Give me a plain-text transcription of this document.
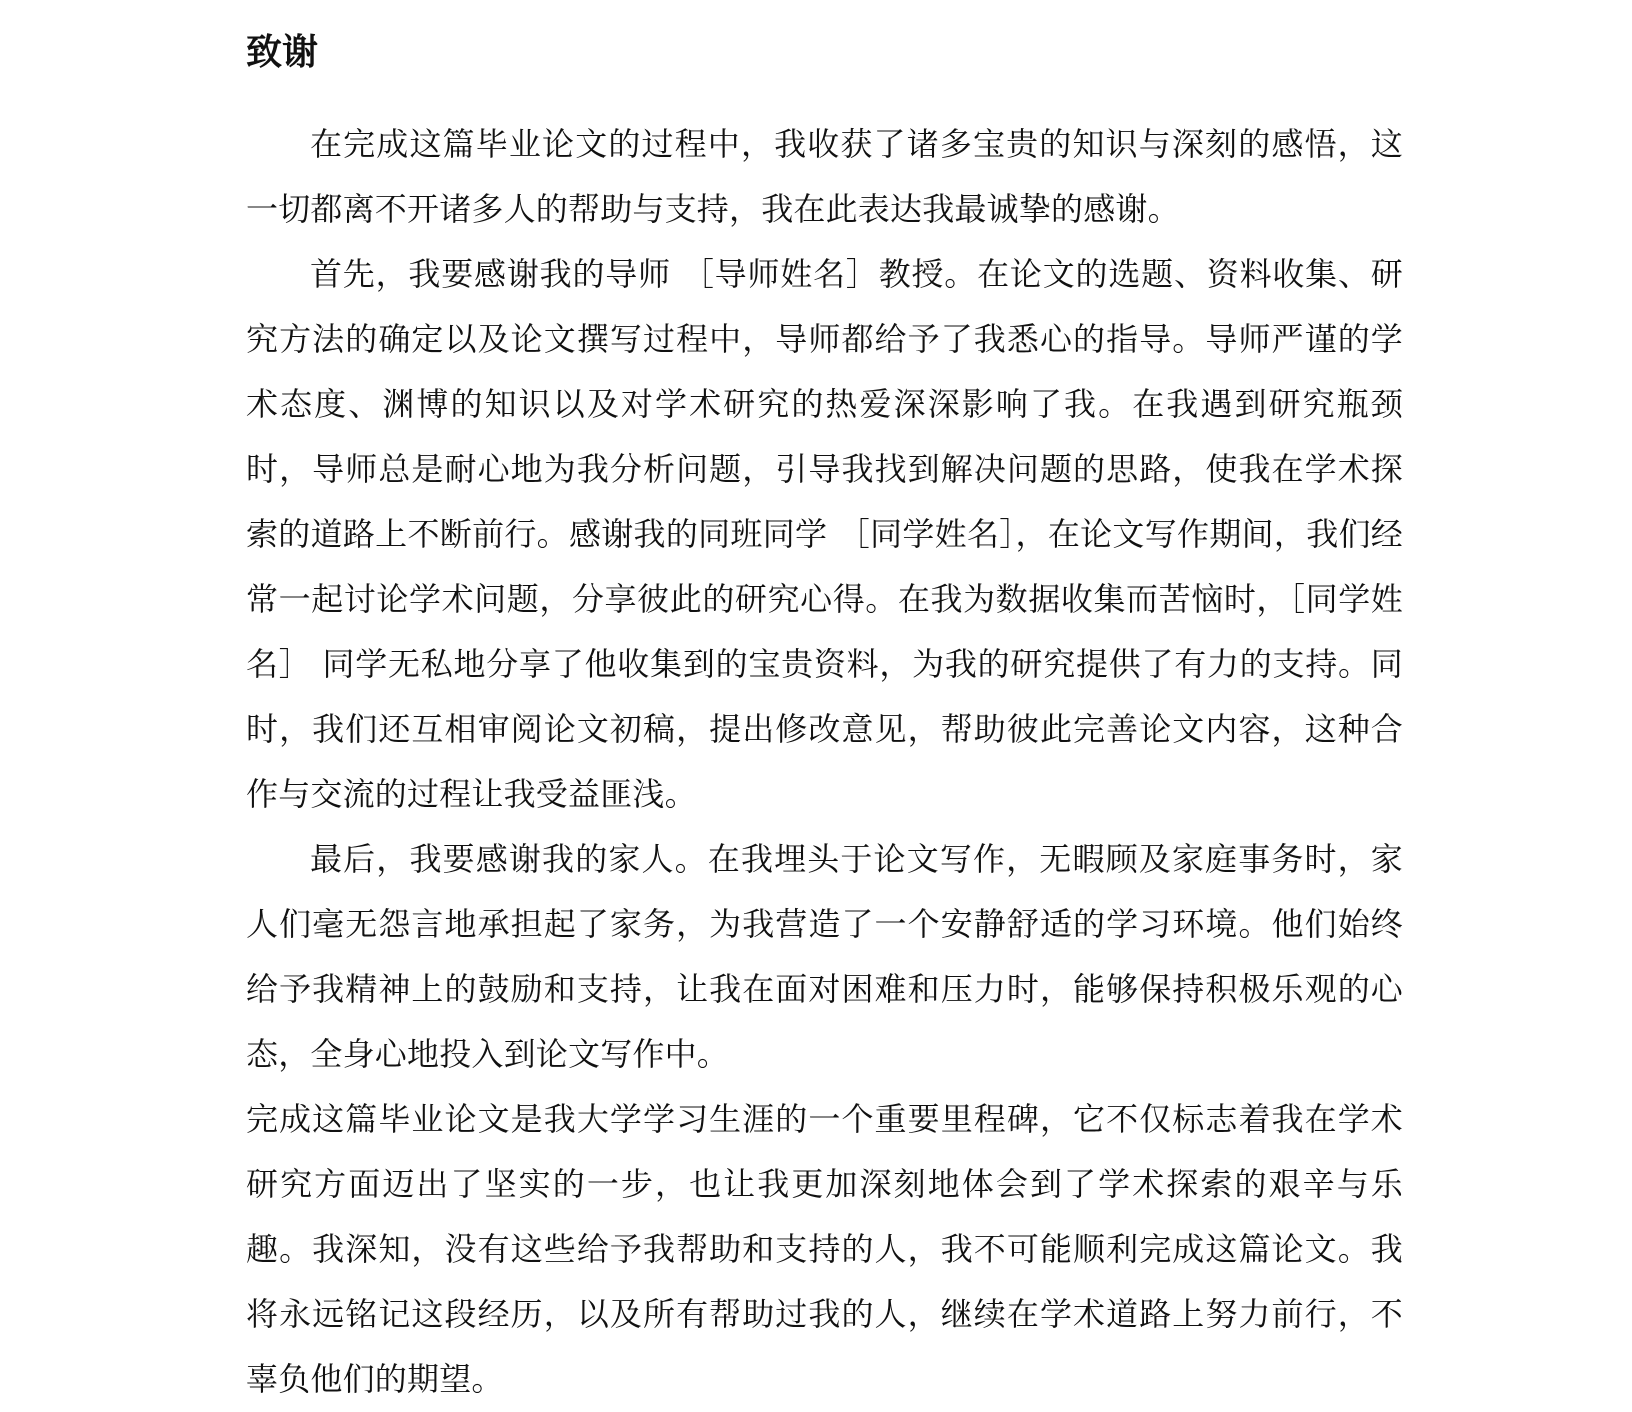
致谢

在完成这篇毕业论文的过程中，我收获了诸多宝贵的知识与深刻的感悟，这一切都离不开诸多人的帮助与支持，我在此表达我最诚挚的感谢。

首先，我要感谢我的导师 ［导师姓名］教授。在论文的选题、资料收集、研究方法的确定以及论文撰写过程中，导师都给予了我悉心的指导。导师严谨的学术态度、渊博的知识以及对学术研究的热爱深深影响了我。在我遇到研究瓶颈时，导师总是耐心地为我分析问题，引导我找到解决问题的思路，使我在学术探索的道路上不断前行。感谢我的同班同学 ［同学姓名］，在论文写作期间，我们经常一起讨论学术问题，分享彼此的研究心得。在我为数据收集而苦恼时，［同学姓名］ 同学无私地分享了他收集到的宝贵资料，为我的研究提供了有力的支持。同时，我们还互相审阅论文初稿，提出修改意见，帮助彼此完善论文内容，这种合作与交流的过程让我受益匪浅。

最后，我要感谢我的家人。在我埋头于论文写作，无暇顾及家庭事务时，家人们毫无怨言地承担起了家务，为我营造了一个安静舒适的学习环境。他们始终给予我精神上的鼓励和支持，让我在面对困难和压力时，能够保持积极乐观的心态，全身心地投入到论文写作中。

完成这篇毕业论文是我大学学习生涯的一个重要里程碑，它不仅标志着我在学术研究方面迈出了坚实的一步，也让我更加深刻地体会到了学术探索的艰辛与乐趣。我深知，没有这些给予我帮助和支持的人，我不可能顺利完成这篇论文。我将永远铭记这段经历，以及所有帮助过我的人，继续在学术道路上努力前行，不辜负他们的期望。
